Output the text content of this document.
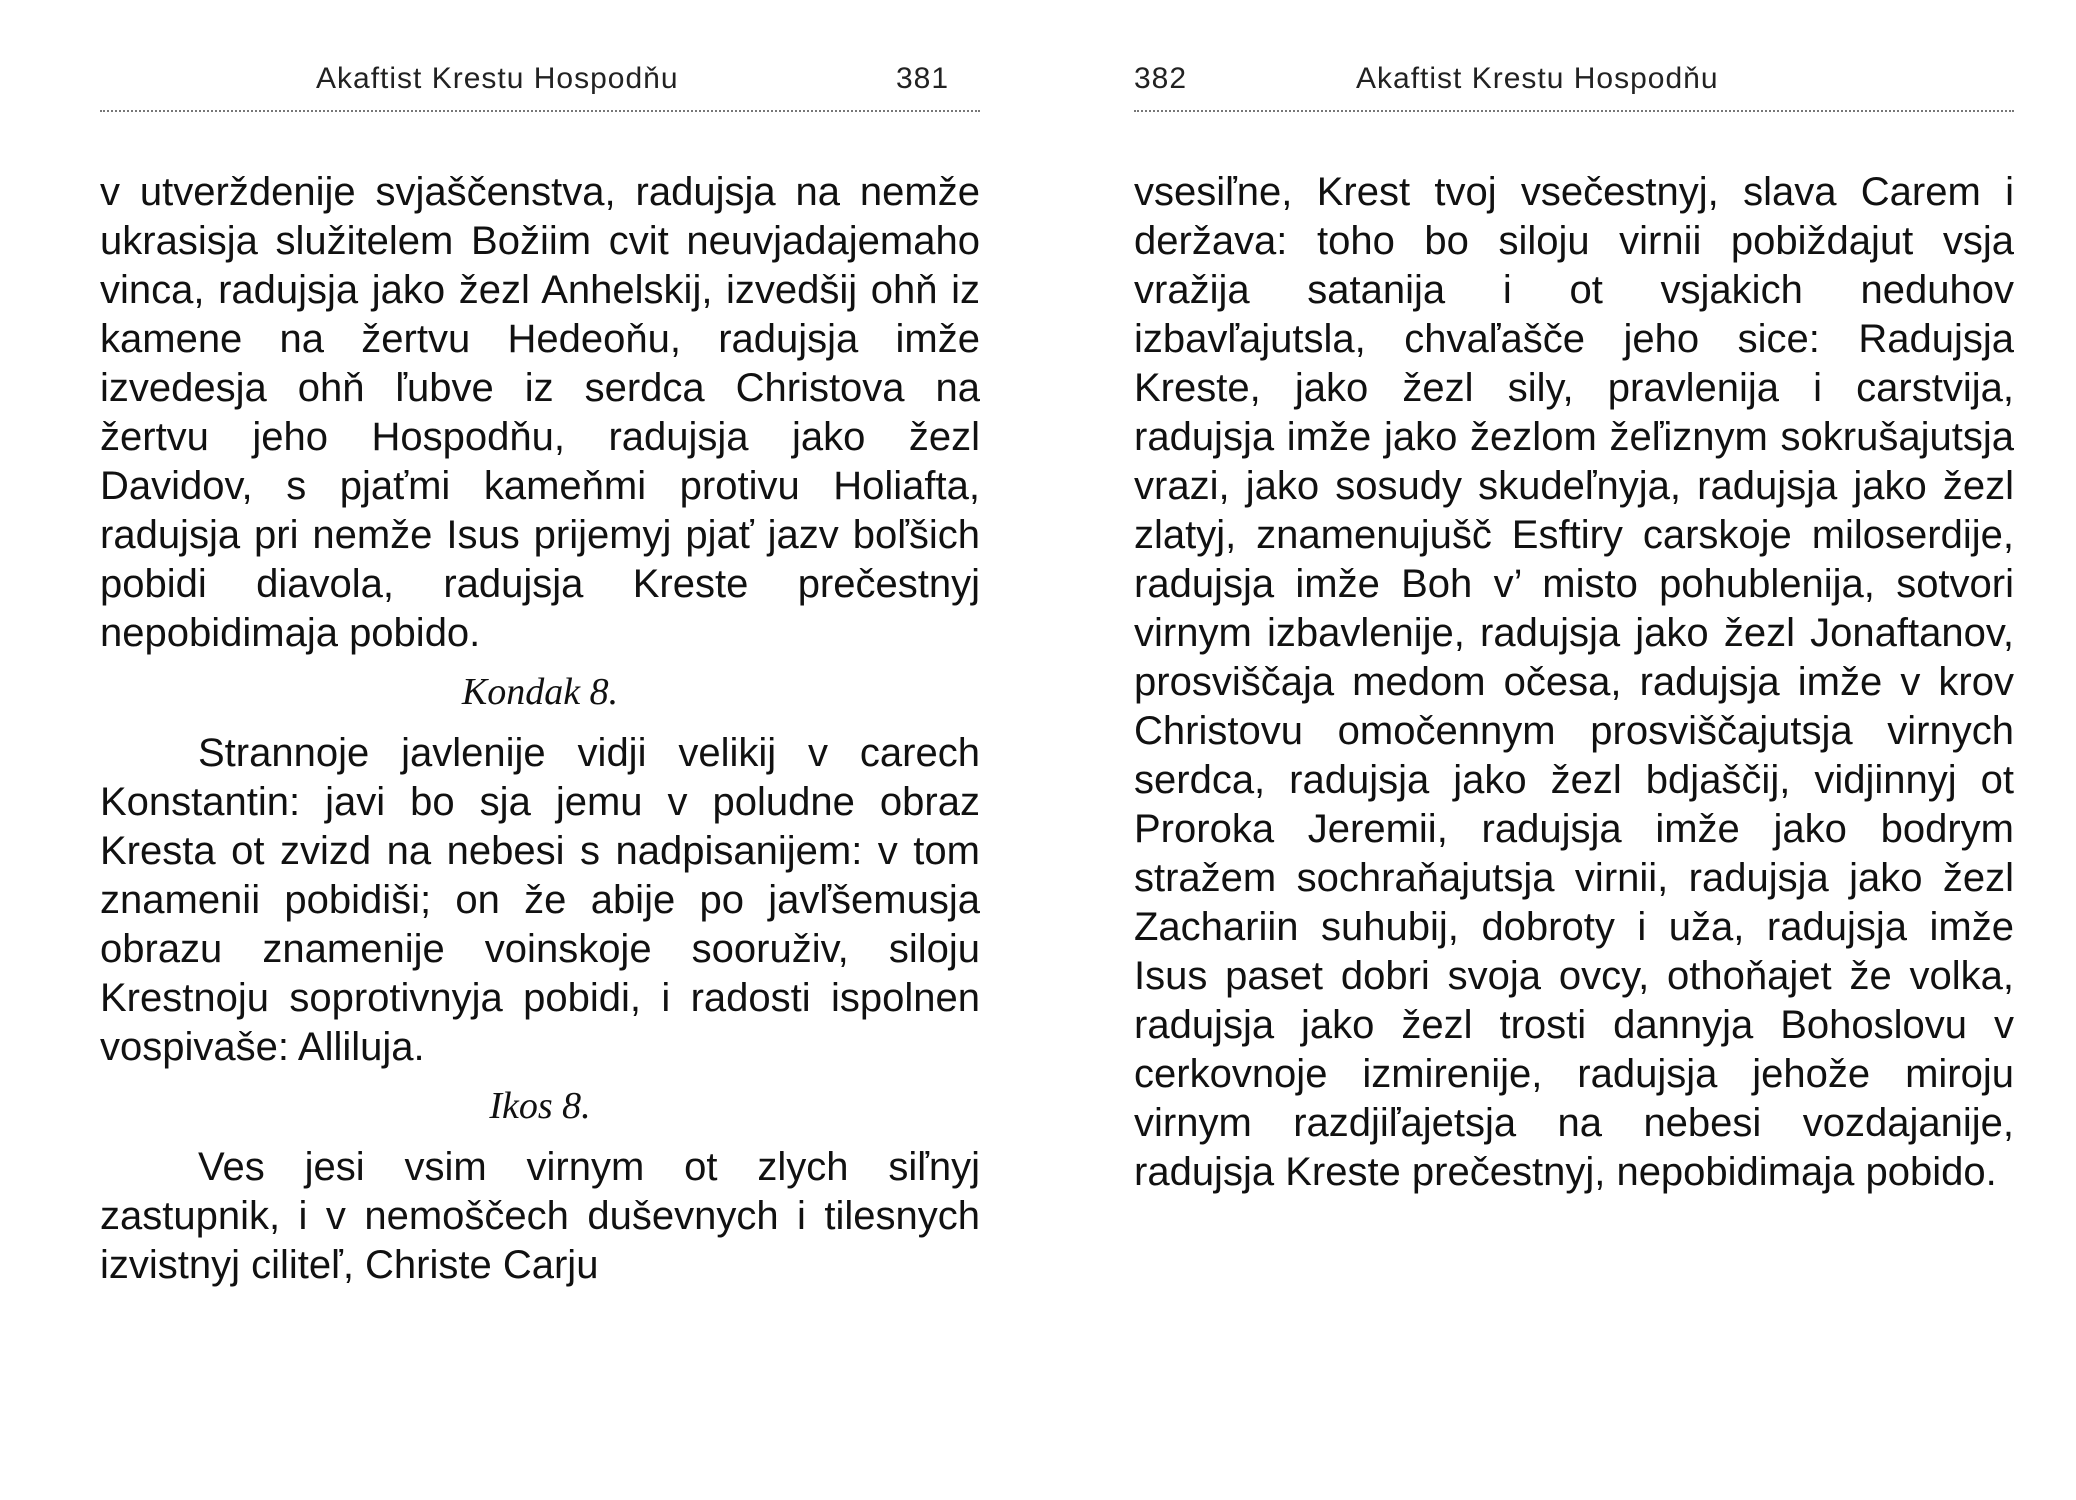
Akaftist Krestu Hospodňu	381

v utverždenije svjaščenstva, radujsja na nemže ukrasisja služitelem Božiim cvit neuvjadajemaho vinca, radujsja jako žezl Anhelskij, izvedšij ohň iz kamene na žertvu Hedeoňu, radujsja imže izvedesja ohň ľubve iz serdca Christova na žertvu jeho Hospodňu, radujsja jako žezl Davidov, s pjaťmi kameňmi protivu Holiafta, radujsja pri nemže Isus prijemyj pjať jazv boľšich pobidi diavola, radujsja Kreste prečestnyj nepobidimaja pobido.

Kondak 8.

Strannoje javlenije vidji velikij v carech Konstantin: javi bo sja jemu v poludne obraz Kresta ot zvizd na nebesi s nadpisanijem: v tom znamenii pobidiši; on že abije po javľšemusja obrazu znamenije voinskoje sooruživ, siloju Krestnoju soprotivnyja pobidi, i radosti ispolnen vospivaše: Alliluja.

Ikos 8.

Ves jesi vsim virnym ot zlych siľnyj zastupnik, i v nemoščech duševnych i tilesnych izvistnyj ciliteľ, Christe Carju

382	Akaftist Krestu Hospodňu

vsesiľne, Krest tvoj vsečestnyj, slava Carem i deržava: toho bo siloju virnii pobiždajut vsja vražija satanija i ot vsjakich neduhov izbavľajutsla, chvaľašče jeho sice: Radujsja Kreste, jako žezl sily, pravlenija i carstvija, radujsja imže jako žezlom žeľiznym sokrušajutsja vrazi, jako sosudy skudeľnyja, radujsja jako žezl zlatyj, znamenujušč Esftiry carskoje miloserdije, radujsja imže Boh v’ misto pohublenija, sotvori virnym izbavlenije, radujsja jako žezl Jonaftanov, prosviščaja medom očesa, radujsja imže v krov Christovu omočennym prosviščajutsja virnych serdca, radujsja jako žezl bdjaščij, vidjinnyj ot Proroka Jeremii, radujsja imže jako bodrym stražem sochraňajutsja virnii, radujsja jako žezl Zachariin suhubij, dobroty i uža, radujsja imže Isus paset dobri svoja ovcy, othoňajet že volka, radujsja jako žezl trosti dannyja Bohoslovu v cerkovnoje izmirenije, radujsja jehože miroju virnym razdjiľajetsja na nebesi vozdajanije, radujsja Kreste prečestnyj, nepobidimaja pobido.
